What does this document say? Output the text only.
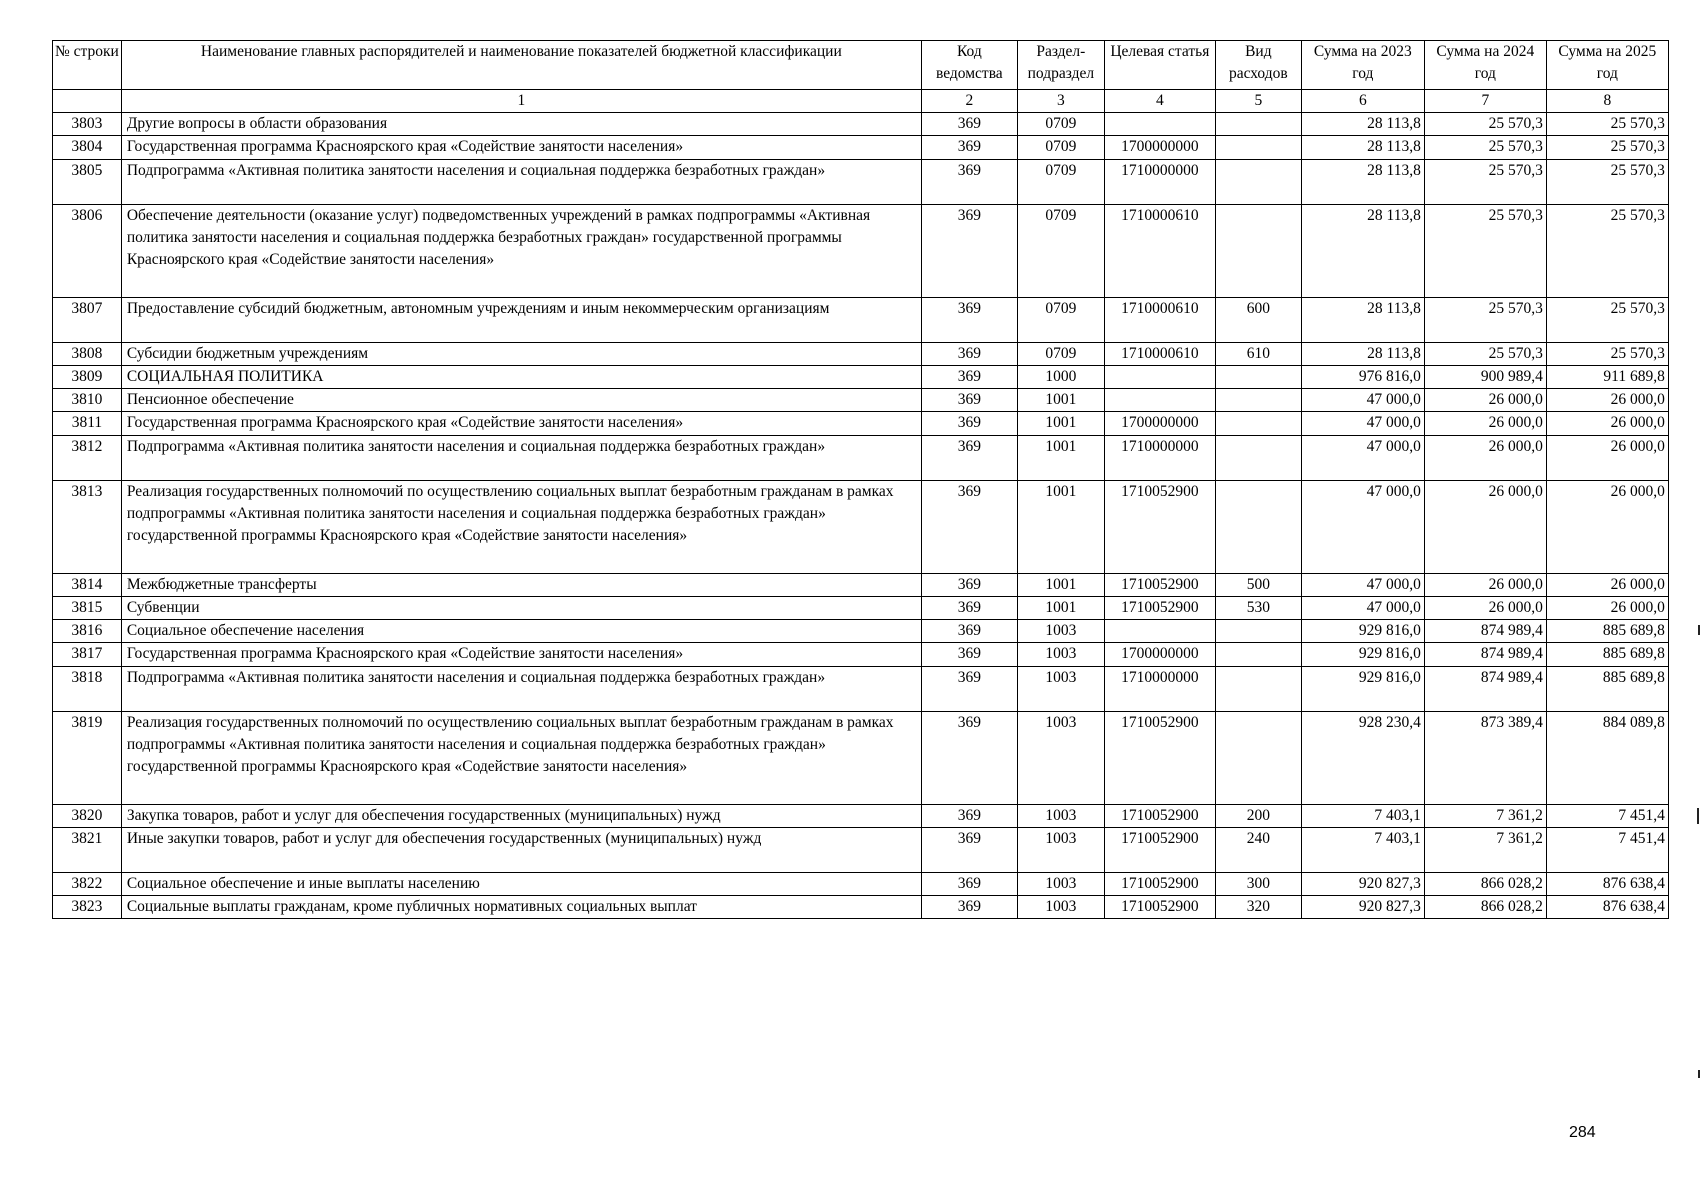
№ строки	Наименование главных распорядителей и наименование показателей бюджетной классификации	Код ведомства	Раздел-подраздел	Целевая статья	Вид расходов	Сумма на 2023 год	Сумма на 2024 год	Сумма на 2025 год
	1	2	3	4	5	6	7	8
3803	Другие вопросы в области образования	369	0709			28 113,8	25 570,3	25 570,3
3804	Государственная программа Красноярского края «Содействие занятости населения»	369	0709	1700000000		28 113,8	25 570,3	25 570,3
3805	Подпрограмма «Активная политика занятости населения и социальная поддержка безработных граждан»	369	0709	1710000000		28 113,8	25 570,3	25 570,3
3806	Обеспечение деятельности (оказание услуг) подведомственных учреждений в рамках подпрограммы «Активная политика занятости населения и социальная поддержка безработных граждан» государственной программы Красноярского края «Содействие занятости населения»	369	0709	1710000610		28 113,8	25 570,3	25 570,3
3807	Предоставление субсидий бюджетным, автономным учреждениям и иным некоммерческим организациям	369	0709	1710000610	600	28 113,8	25 570,3	25 570,3
3808	Субсидии бюджетным учреждениям	369	0709	1710000610	610	28 113,8	25 570,3	25 570,3
3809	СОЦИАЛЬНАЯ ПОЛИТИКА	369	1000			976 816,0	900 989,4	911 689,8
3810	Пенсионное обеспечение	369	1001			47 000,0	26 000,0	26 000,0
3811	Государственная программа Красноярского края «Содействие занятости населения»	369	1001	1700000000		47 000,0	26 000,0	26 000,0
3812	Подпрограмма «Активная политика занятости населения и социальная поддержка безработных граждан»	369	1001	1710000000		47 000,0	26 000,0	26 000,0
3813	Реализация государственных полномочий по осуществлению социальных выплат безработным гражданам в рамках подпрограммы «Активная политика занятости населения и социальная поддержка безработных граждан» государственной программы Красноярского края «Содействие занятости населения»	369	1001	1710052900		47 000,0	26 000,0	26 000,0
3814	Межбюджетные трансферты	369	1001	1710052900	500	47 000,0	26 000,0	26 000,0
3815	Субвенции	369	1001	1710052900	530	47 000,0	26 000,0	26 000,0
3816	Социальное обеспечение населения	369	1003			929 816,0	874 989,4	885 689,8
3817	Государственная программа Красноярского края «Содействие занятости населения»	369	1003	1700000000		929 816,0	874 989,4	885 689,8
3818	Подпрограмма «Активная политика занятости населения и социальная поддержка безработных граждан»	369	1003	1710000000		929 816,0	874 989,4	885 689,8
3819	Реализация государственных полномочий по осуществлению социальных выплат безработным гражданам в рамках подпрограммы «Активная политика занятости населения и социальная поддержка безработных граждан» государственной программы Красноярского края «Содействие занятости населения»	369	1003	1710052900		928 230,4	873 389,4	884 089,8
3820	Закупка товаров, работ и услуг для обеспечения государственных (муниципальных) нужд	369	1003	1710052900	200	7 403,1	7 361,2	7 451,4
3821	Иные закупки товаров, работ и услуг для обеспечения государственных (муниципальных) нужд	369	1003	1710052900	240	7 403,1	7 361,2	7 451,4
3822	Социальное обеспечение и иные выплаты населению	369	1003	1710052900	300	920 827,3	866 028,2	876 638,4
3823	Социальные выплаты гражданам, кроме публичных нормативных социальных выплат	369	1003	1710052900	320	920 827,3	866 028,2	876 638,4
284
